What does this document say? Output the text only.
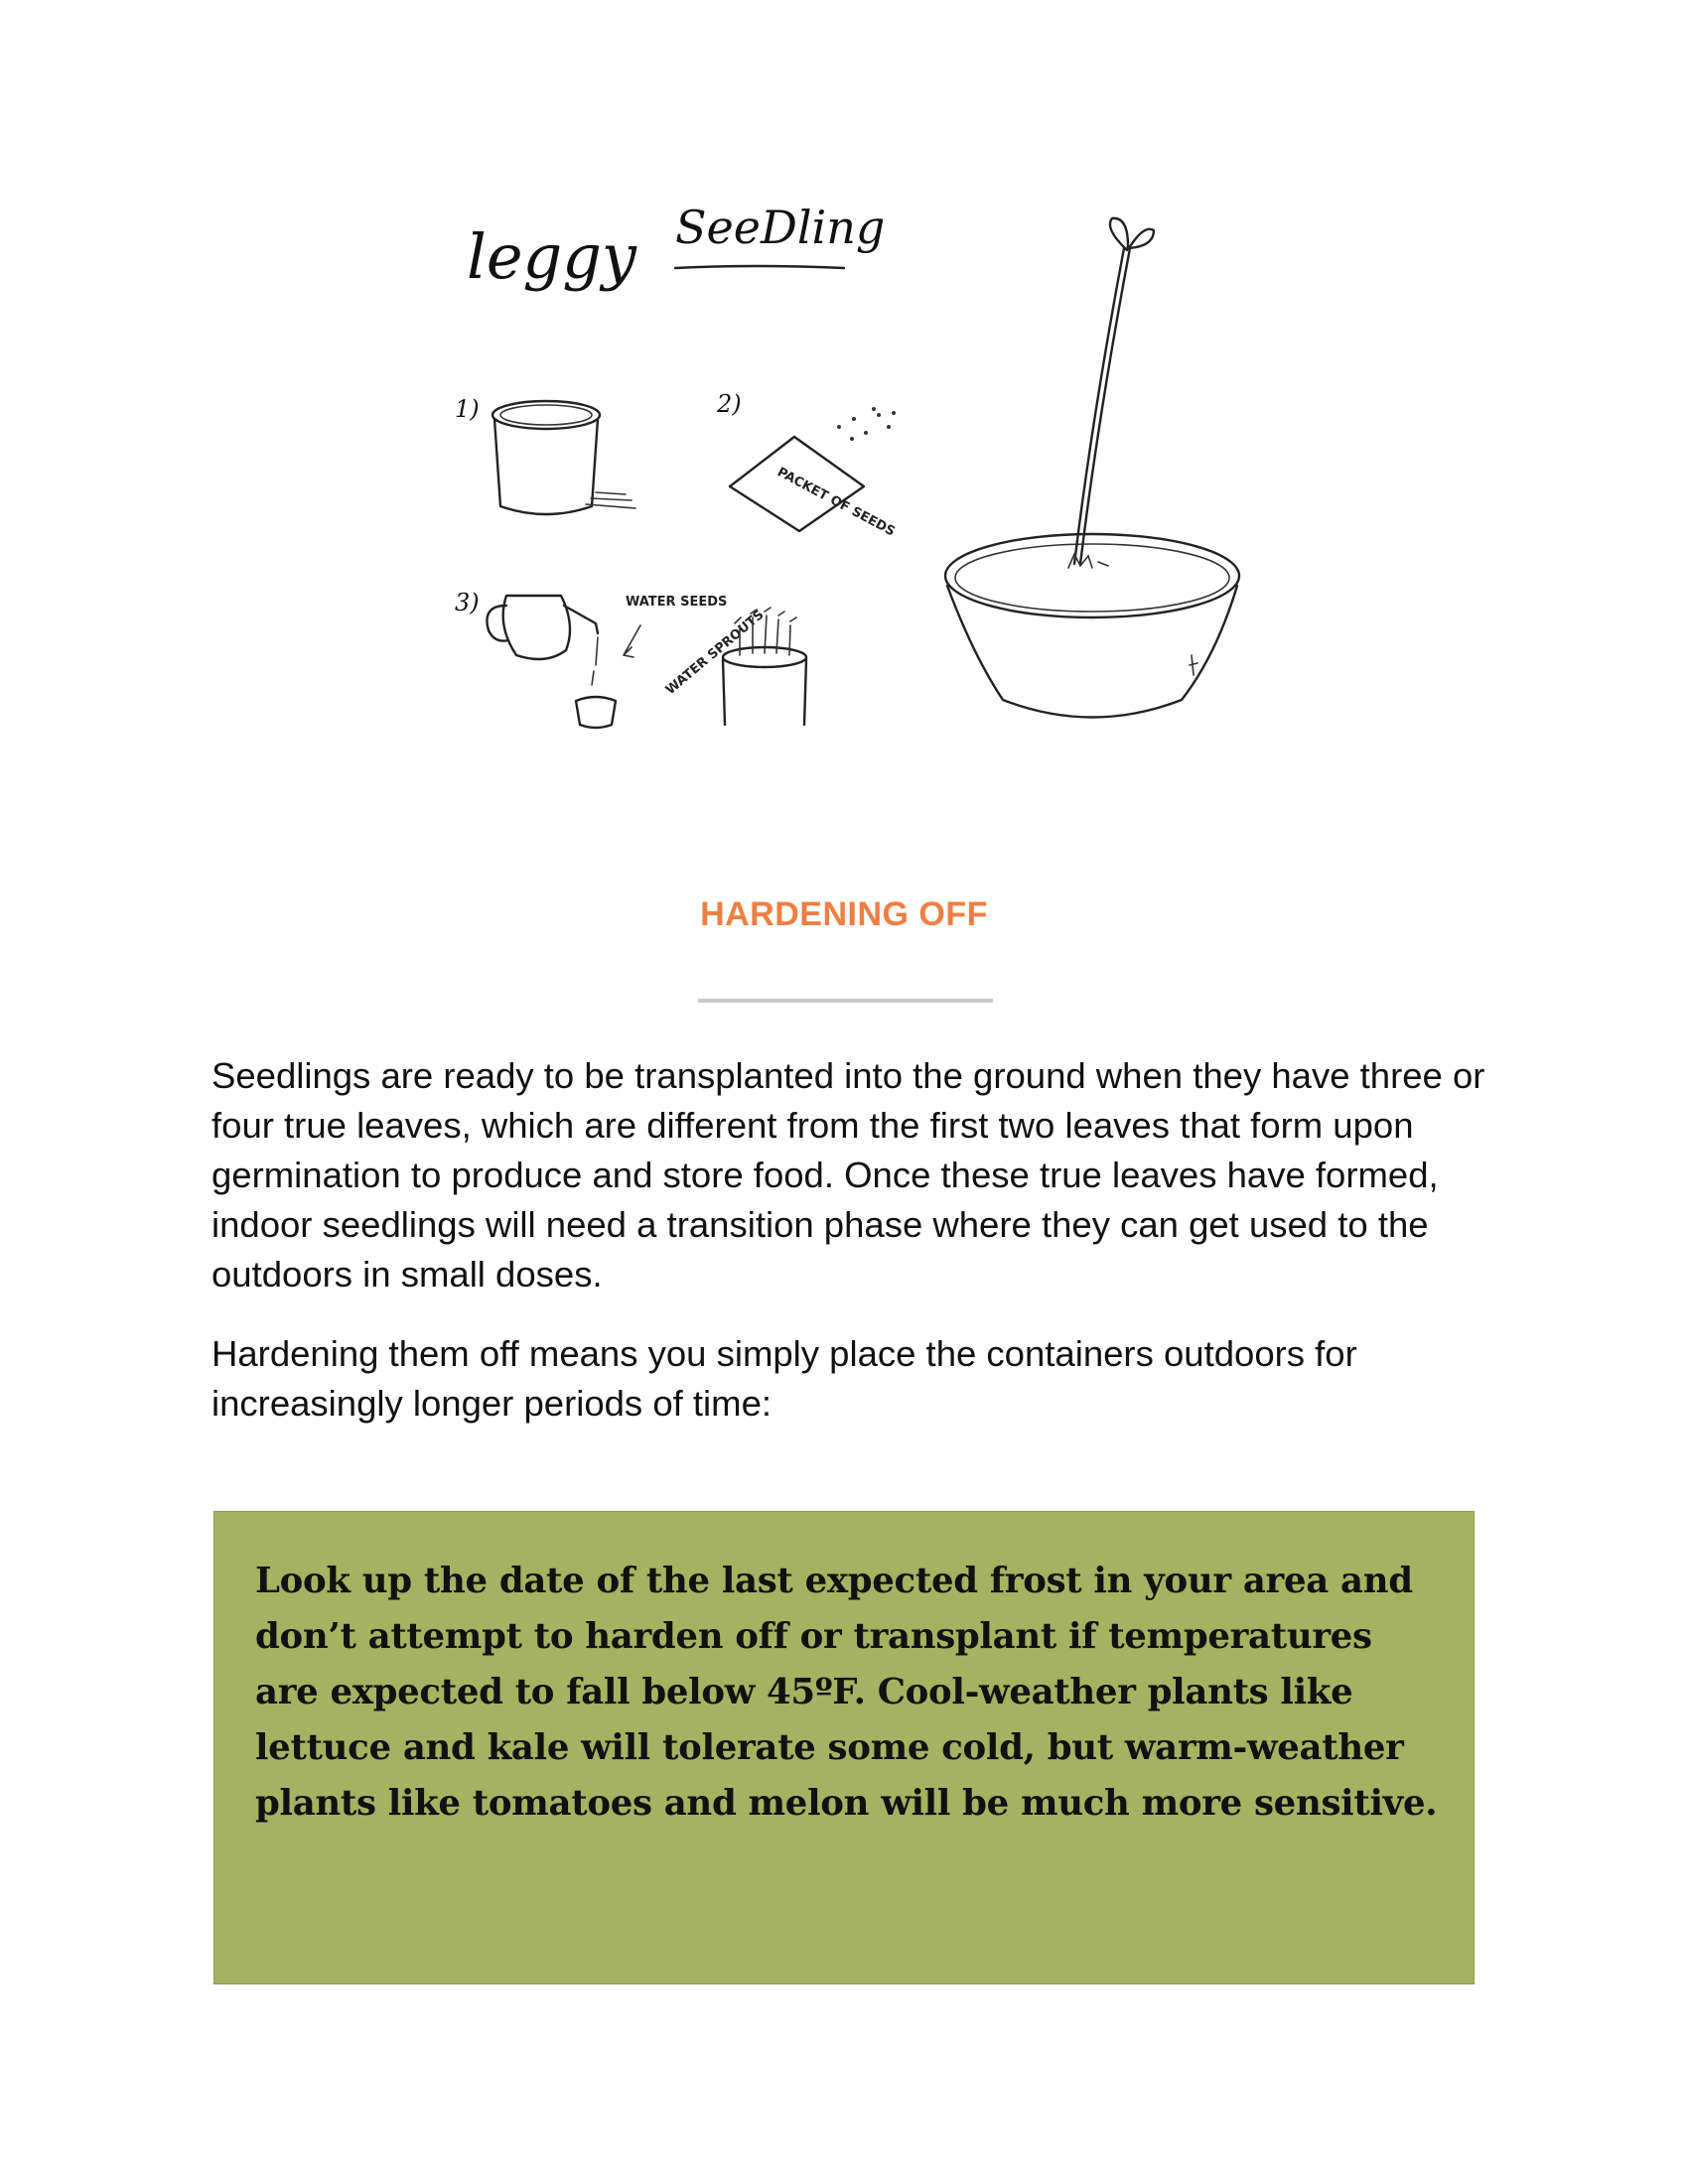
leggy SeeDling
1)	2)
PACKET OF SEEDS
3)	WATER SEEDS
WATER SPROUTS
HARDENING OFF

Seedlings are ready to be transplanted into the ground when they have three or four true leaves, which are different from the first two leaves that form upon germination to produce and store food. Once these true leaves have formed, indoor seedlings will need a transition phase where they can get used to the outdoors in small doses.

Hardening them off means you simply place the containers outdoors for increasingly longer periods of time:

Look up the date of the last expected frost in your area and don’t attempt to harden off or transplant if temperatures are expected to fall below 45ºF. Cool-weather plants like lettuce and kale will tolerate some cold, but warm-weather plants like tomatoes and melon will be much more sensitive.
